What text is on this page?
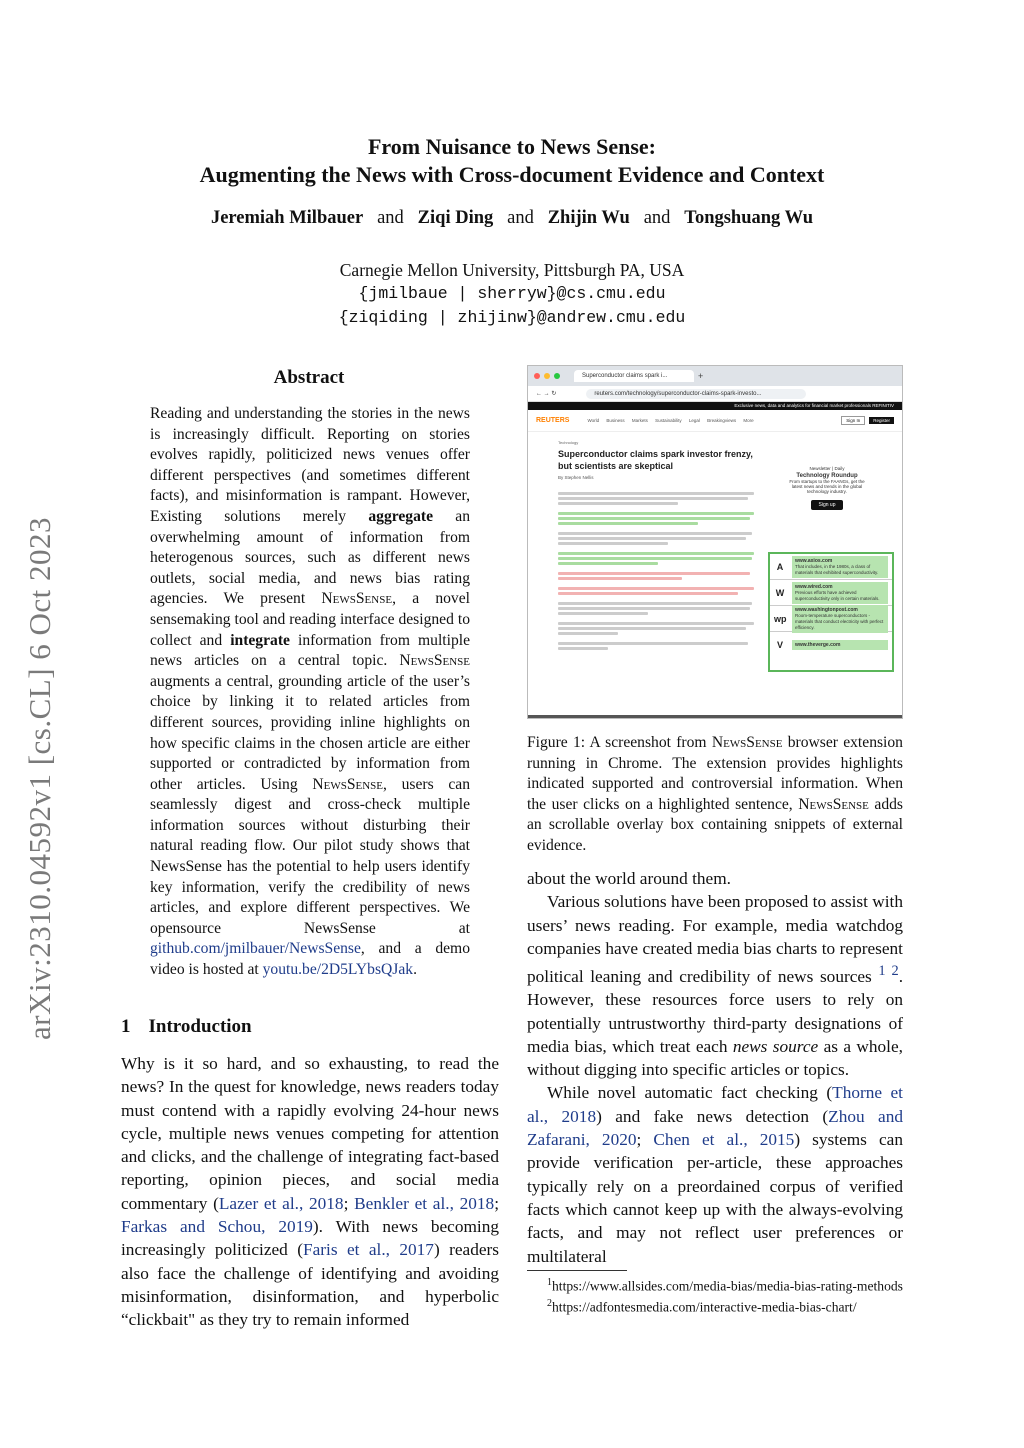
arXiv:2310.04592v1 [cs.CL] 6 Oct 2023
From Nuisance to News Sense:
Augmenting the News with Cross-document Evidence and Context
Jeremiah Milbauer and Ziqi Ding and Zhijin Wu and Tongshuang Wu
Carnegie Mellon University, Pittsburgh PA, USA
{jmilbaue | sherryw}@cs.cmu.edu
{ziqiding | zhijinw}@andrew.cmu.edu
Abstract
Reading and understanding the stories in the news is increasingly difficult. Reporting on stories evolves rapidly, politicized news venues offer different perspectives (and sometimes different facts), and misinformation is rampant. However, Existing solutions merely aggregate an overwhelming amount of information from heterogenous sources, such as different news outlets, social media, and news bias rating agencies. We present NewsSense, a novel sensemaking tool and reading interface designed to collect and integrate information from multiple news articles on a central topic. NewsSense augments a central, grounding article of the user’s choice by linking it to related articles from different sources, providing inline highlights on how specific claims in the chosen article are either supported or contradicted by information from other articles. Using NewsSense, users can seamlessly digest and cross-check multiple information sources without disturbing their natural reading flow. Our pilot study shows that NewsSense has the potential to help users identify key information, verify the credibility of news articles, and explore different perspectives. We opensource NewsSense at github.com/jmilbauer/NewsSense, and a demo video is hosted at youtu.be/2D5LYbsQJak.
1 Introduction
Why is it so hard, and so exhausting, to read the news? In the quest for knowledge, news readers today must contend with a rapidly evolving 24-hour news cycle, multiple news venues competing for attention and clicks, and the challenge of integrating fact-based reporting, opinion pieces, and social media commentary (Lazer et al., 2018; Benkler et al., 2018; Farkas and Schou, 2019). With news becoming increasingly politicized (Faris et al., 2017) readers also face the challenge of identifying and avoiding misinformation, disinformation, and hyperbolic “clickbait" as they try to remain informed
Superconductor claims spark i...	+
←
→
↻	reuters.com/technology/superconductor-claims-spark-investo...
Exclusive news, data and analytics for financial market professionals REFINITIV
REUTERS	World Business Markets Sustainability Legal Breakingviews More	Sign In	Register
Technology
Superconductor claims spark investor frenzy, but scientists are skeptical
By Stephen Nellis
Newsletter | Daily
Technology Roundup
From startups to the FAANGs, get the latest news and trends in the global technology industry.
Sign up
A
www.axios.com
That includes, in the 1980s, a class of materials that exhibited superconductivity.
W
www.wired.com
Previous efforts have achieved superconductivity only in certain materials.
wp
www.washingtonpost.com
Room-temperature superconductors - materials that conduct electricity with perfect efficiency.
V	www.theverge.com
Figure 1: A screenshot from NewsSense browser extension running in Chrome. The extension provides highlights indicated supported and controversial information. When the user clicks on a highlighted sentence, NewsSense adds an scrollable overlay box containing snippets of external evidence.

about the world around them.

Various solutions have been proposed to assist with users’ news reading. For example, media watchdog companies have created media bias charts to represent political leaning and credibility of news sources $^{1 2}$. However, these resources force users to rely on potentially untrustworthy third-party designations of media bias, which treat each news source as a whole, without digging into specific articles or topics.

While novel automatic fact checking (Thorne et al., 2018) and fake news detection (Zhou and Zafarani, 2020; Chen et al., 2015) systems can provide verification per-article, these approaches typically rely on a preordained corpus of verified facts which cannot keep up with the always-evolving facts, and may not reflect user preferences or multilateral

$^1$https://www.allsides.com/media-bias/media-bias-rating-methods
$^2$https://adfontesmedia.com/interactive-media-bias-chart/
